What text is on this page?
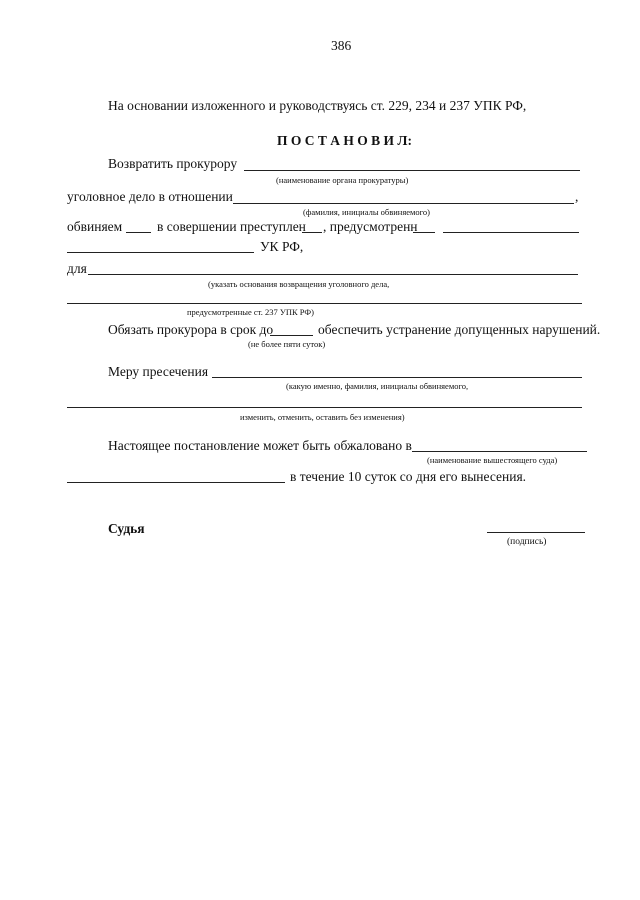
386
На основании изложенного и руководствуясь ст. 229, 234 и 237 УПК РФ,
П О С Т А Н О В И Л:
Возвратить прокурору
(наименование органа прокуратуры)
уголовное дело в отношении	,
(фамилия, инициалы обвиняемого)
обвиняем	в совершении преступлен , предусмотренн
УК РФ,
для
(указать основания возвращения уголовного дела,
предусмотренные ст. 237 УПК РФ)
Обязать прокурора в срок до	обеспечить устранение допущенных нарушений.
(не более пяти суток)
Меру пресечения
(какую именно, фамилия, инициалы обвиняемого,
изменить, отменить, оставить без изменения)
Настоящее постановление может быть обжаловано в
(наименование вышестоящего суда)
в течение 10 суток со дня его вынесения.
Судья
(подпись)
